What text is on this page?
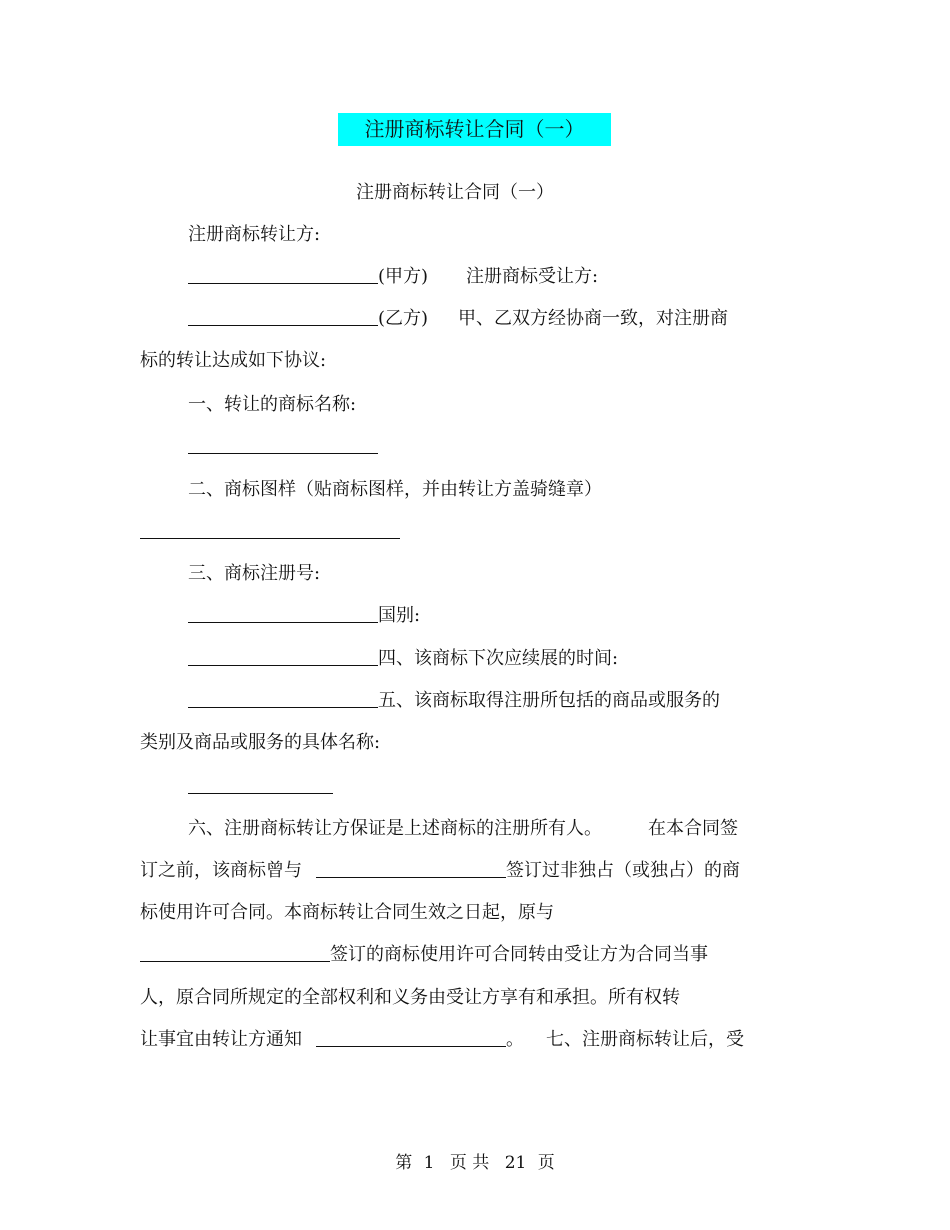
注册商标转让合同（一）
注册商标转让合同（一）
注册商标转让方:
(甲方) 注册商标受让方:
(乙方) 甲、乙双方经协商一致，对注册商
标的转让达成如下协议:
一、转让的商标名称:
二、商标图样（贴商标图样，并由转让方盖骑缝章）
三、商标注册号:
国别:
四、该商标下次应续展的时间:
五、该商标取得注册所包括的商品或服务的
类别及商品或服务的具体名称:
六、注册商标转让方保证是上述商标的注册所有人。	在本合同签
订之前，该商标曾与	签订过非独占（或独占）的商
标使用许可合同。本商标转让合同生效之日起，原与
签订的商标使用许可合同转由受让方为合同当事
人，原合同所规定的全部权利和义务由受让方享有和承担。所有权转
让事宜由转让方通知	。 七、注册商标转让后，受
第 1 页 共 21 页
